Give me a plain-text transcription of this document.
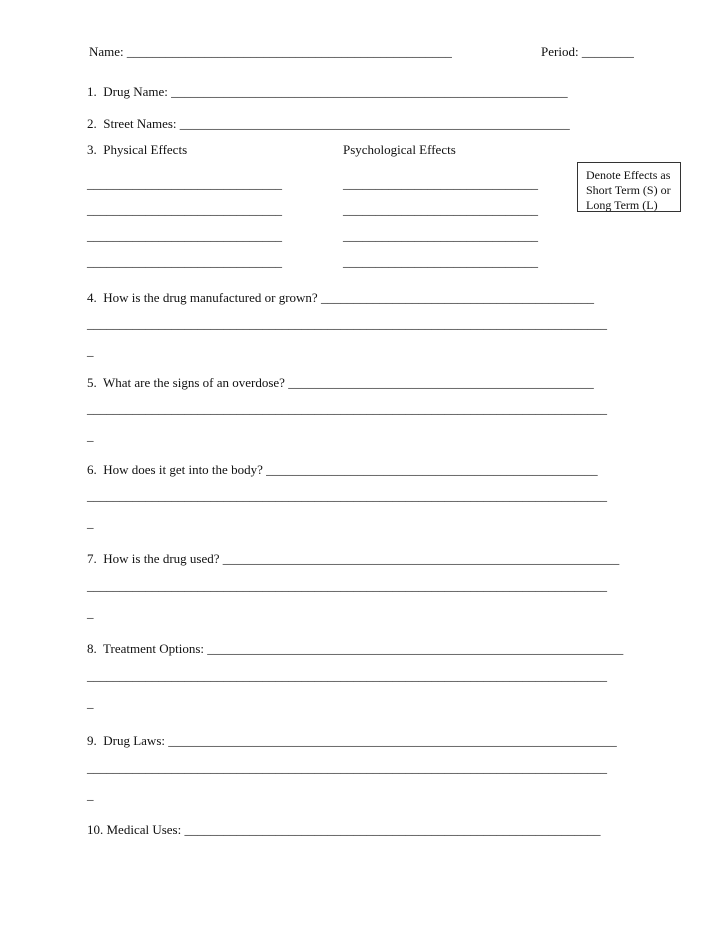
Name: __________________________________________________	Period: ________
1.  Drug Name: _____________________________________________________________
2.  Street Names: ____________________________________________________________
3.  Physical Effects	Psychological Effects
______________________________	______________________________
______________________________	______________________________
______________________________	______________________________
______________________________	______________________________
Denote Effects as
Short Term (S) or
Long Term (L)
4.  How is the drug manufactured or grown? __________________________________________
________________________________________________________________________________
_
5.  What are the signs of an overdose? _______________________________________________
________________________________________________________________________________
_
6.  How does it get into the body? ___________________________________________________
________________________________________________________________________________
_
7.  How is the drug used? _____________________________________________________________
________________________________________________________________________________
_
8.  Treatment Options: ________________________________________________________________
________________________________________________________________________________
_
9.  Drug Laws: _____________________________________________________________________
________________________________________________________________________________
_
10. Medical Uses: ________________________________________________________________
